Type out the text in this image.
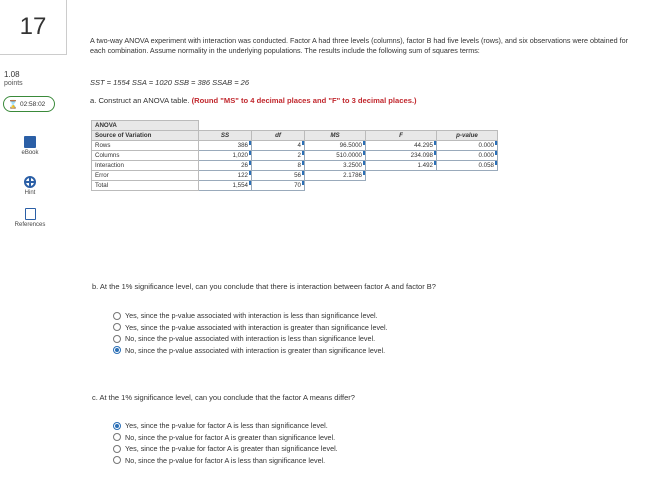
17
1.08
points
⌛ 02:58:02
eBook
Hint
References
A two-way ANOVA experiment with interaction was conducted. Factor A had three levels (columns), factor B had five levels (rows), and six observations were obtained for each combination. Assume normality in the underlying populations. The results include the following sum of squares terms:
SST = 1554 SSA = 1020 SSB = 386 SSAB = 26
a. Construct an ANOVA table. (Round "MS" to 4 decimal places and "F" to 3 decimal places.)
ANOVA					
Source of Variation	SS	df	MS	F	p-value
Rows	386	4	96.5000	44.295	0.000
Columns	1,020	2	510.0000	234.098	0.000
Interaction	26	8	3.2500	1.492	0.058
Error	122	56	2.1786		
Total	1,554	70			
b. At the 1% significance level, can you conclude that there is interaction between factor A and factor B?
Yes, since the p-value associated with interaction is less than significance level.
Yes, since the p-value associated with interaction is greater than significance level.
No, since the p-value associated with interaction is less than significance level.
No, since the p-value associated with interaction is greater than significance level.
c. At the 1% significance level, can you conclude that the factor A means differ?
Yes, since the p-value for factor A is less than significance level.
No, since the p-value for factor A is greater than significance level.
Yes, since the p-value for factor A is greater than significance level.
No, since the p-value for factor A is less than significance level.
